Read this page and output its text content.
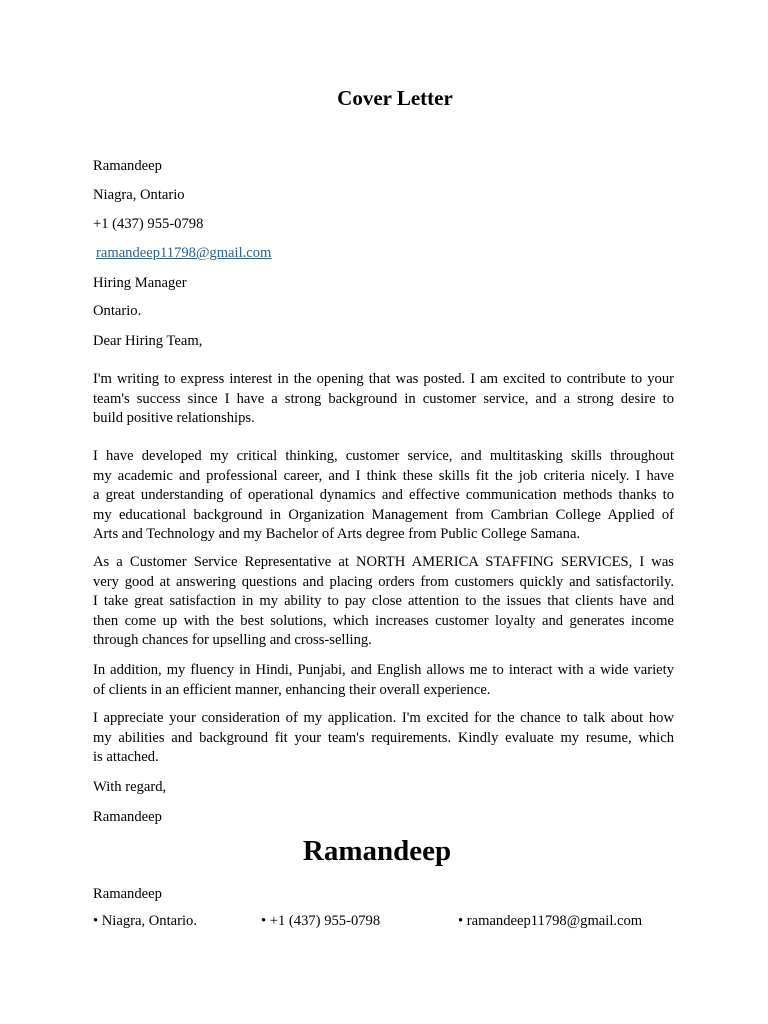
Cover Letter
Ramandeep
Niagra, Ontario
+1 (437) 955-0798
ramandeep11798@gmail.com
Hiring Manager
Ontario.
Dear Hiring Team,
I'm writing to express interest in the opening that was posted. I am excited to contribute to your
team's success since I have a strong background in customer service, and a strong desire to
build positive relationships.
I have developed my critical thinking, customer service, and multitasking skills throughout
my academic and professional career, and I think these skills fit the job criteria nicely. I have
a great understanding of operational dynamics and effective communication methods thanks to
my educational background in Organization Management from Cambrian College Applied of
Arts and Technology and my Bachelor of Arts degree from Public College Samana.
As a Customer Service Representative at NORTH AMERICA STAFFING SERVICES, I was
very good at answering questions and placing orders from customers quickly and satisfactorily.
I take great satisfaction in my ability to pay close attention to the issues that clients have and
then come up with the best solutions, which increases customer loyalty and generates income
through chances for upselling and cross-selling.
In addition, my fluency in Hindi, Punjabi, and English allows me to interact with a wide variety
of clients in an efficient manner, enhancing their overall experience.
I appreciate your consideration of my application. I'm excited for the chance to talk about how
my abilities and background fit your team's requirements. Kindly evaluate my resume, which
is attached.
With regard,
Ramandeep
Ramandeep
Ramandeep
• Niagra, Ontario.	• +1 (437) 955-0798	• ramandeep11798@gmail.com
